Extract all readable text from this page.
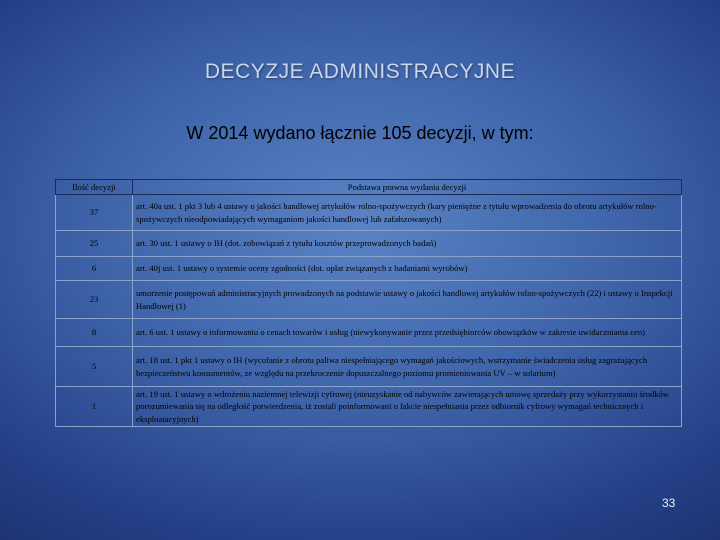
DECYZJE ADMINISTRACYJNE
W 2014 wydano łącznie 105 decyzji, w tym:
Ilość decyzji	Podstawa prawna wydania decyzji
37	art. 40a ust. 1 pkt 3 lub 4 ustawy o jakości handlowej artykułów rolno-spożywczych (kary pieniężne z tytułu wprowadzenia do obrotu artykułów rolno-spożywczych nieodpowiadających wymaganiom jakości handlowej lub zafałszowanych)
25	art. 30 ust. 1 ustawy o IH (dot. zobowiązań z tytułu kosztów przeprowadzonych badań)
6	art. 40j ust. 1 ustawy o systemie oceny zgodności (dot. opłat związanych z badaniami wyrobów)
23	umorzenie postępowań administracyjnych prowadzonych na podstawie ustawy o jakości handlowej artykułów rolno-spożywczych (22) i ustawy o Inspekcji Handlowej (1)
8	art. 6 ust. 1 ustawy o informowaniu o cenach towarów i usług (niewykonywanie przez przedsiębiorców obowiązków w zakresie uwidaczniania cen)
5	art. 18 ust. 1 pkt 1 ustawy o IH (wycofanie z obrotu paliwa niespełniającego wymagań jakościowych, wstrzymanie świadczenia usług zagrażających bezpieczeństwu konsumentów, ze względu na przekroczenie dopuszczalnego poziomu promieniowania UV – w solarium)
1	art. 19 ust. 1 ustawy o wdrożeniu naziemnej telewizji cyfrowej (nieuzyskanie od nabywców zawierających umowę sprzedaży przy wykorzystaniu środków porozumiewania się na odległość potwierdzenia, iż zostali poinformowani o fakcie niespełniania przez odbiornik cyfrowy wymagań technicznych i eksploatacyjnych)
33
